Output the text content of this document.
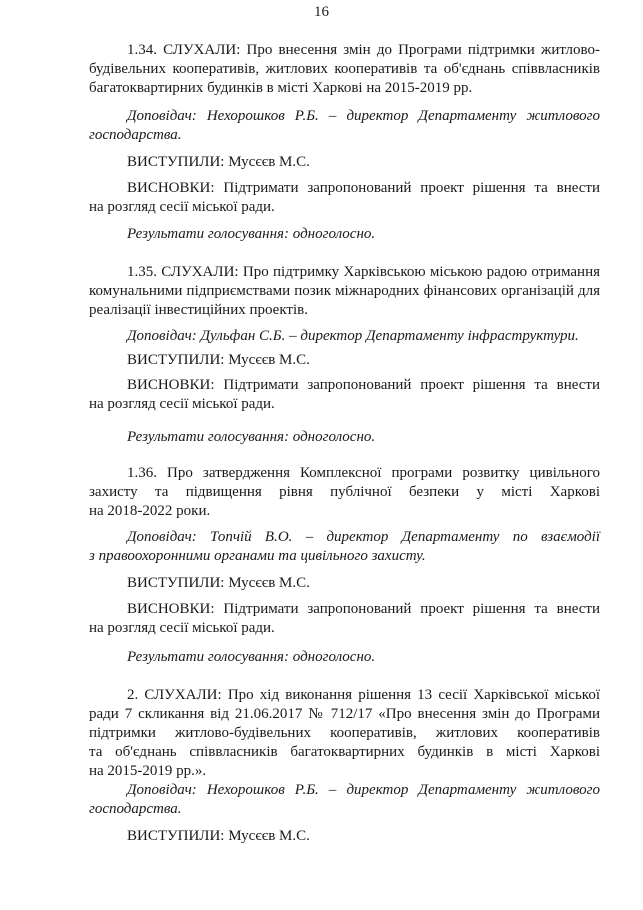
16
1.34. СЛУХАЛИ: Про внесення змін до Програми підтримки житлово-
будівельних кооперативів, житлових кооперативів та об'єднань співвласників
багатоквартирних будинків в місті Харкові на 2015-2019 рр.
Доповідач: Нехорошков Р.Б. – директор Департаменту житлового
господарства.
ВИСТУПИЛИ: Мусєєв М.С.
ВИСНОВКИ: Підтримати запропонований проект рішення та внести
на розгляд сесії міської ради.
Результати голосування: одноголосно.
1.35. СЛУХАЛИ: Про підтримку Харківською міською радою отримання
комунальними підприємствами позик міжнародних фінансових організацій для
реалізації інвестиційних проектів.
Доповідач: Дульфан С.Б. – директор Департаменту інфраструктури.
ВИСТУПИЛИ: Мусєєв М.С.
ВИСНОВКИ: Підтримати запропонований проект рішення та внести
на розгляд сесії міської ради.
Результати голосування: одноголосно.
1.36. Про затвердження Комплексної програми розвитку цивільного
захисту та підвищення рівня публічної безпеки у місті Харкові
на 2018-2022 роки.
Доповідач: Топчій В.О. – директор Департаменту по взаємодії
з правоохоронними органами та цивільного захисту.
ВИСТУПИЛИ: Мусєєв М.С.
ВИСНОВКИ: Підтримати запропонований проект рішення та внести
на розгляд сесії міської ради.
Результати голосування: одноголосно.
2. СЛУХАЛИ: Про хід виконання рішення 13 сесії Харківської міської
ради 7 скликання від 21.06.2017 № 712/17 «Про внесення змін до Програми
підтримки житлово-будівельних кооперативів, житлових кооперативів
та об'єднань співвласників багатоквартирних будинків в місті Харкові
на 2015-2019 рр.».
Доповідач: Нехорошков Р.Б. – директор Департаменту житлового
господарства.
ВИСТУПИЛИ: Мусєєв М.С.
